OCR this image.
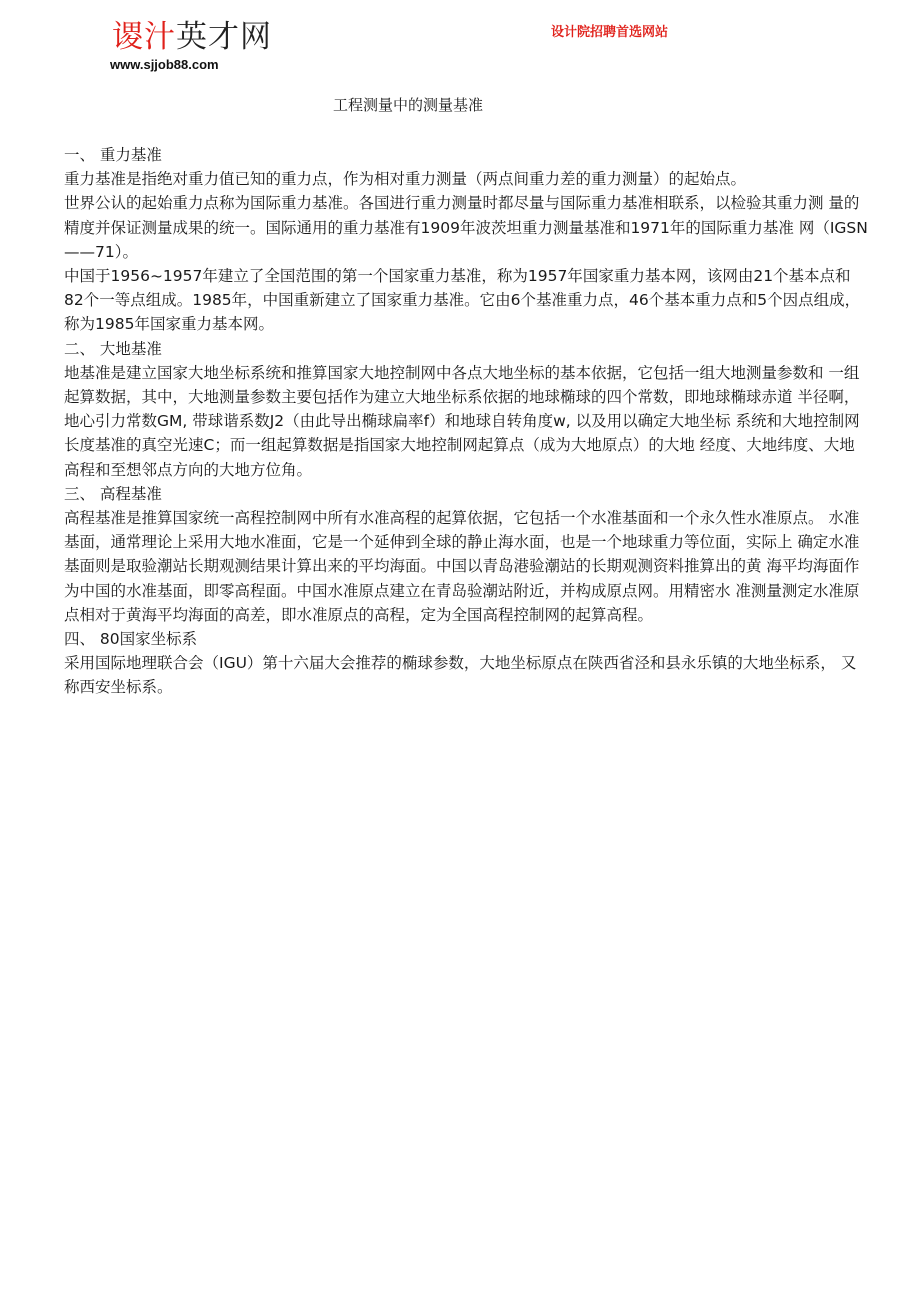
谡汁英才网
www.sjjob88.com
设计院招聘首选网站
工程测量中的测量基准

一、 重力基准

重力基准是指绝对重力值已知的重力点，作为相对重力测量（两点间重力差的重力测量）的起始点。

世界公认的起始重力点称为国际重力基准。各国进行重力测量时都尽量与国际重力基准相联系，以检验其重力测 量的精度并保证测量成果的统一。国际通用的重力基准有1909年波茨坦重力测量基准和1971年的国际重力基准 网（IGSN——71）。

中国于1956~1957年建立了全国范围的第一个国家重力基准，称为1957年国家重力基本网，该网由21个基本点和82个一等点组成。1985年，中国重新建立了国家重力基准。它由6个基准重力点，46个基本重力点和5个因点组成，称为1985年国家重力基本网。

二、 大地基准

地基准是建立国家大地坐标系统和推算国家大地控制网中各点大地坐标的基本依据，它包括一组大地测量参数和 一组起算数据，其中，大地测量参数主要包括作为建立大地坐标系依据的地球椭球的四个常数，即地球椭球赤道 半径啊，地心引力常数GM, 带球谐系数J2（由此导出椭球扁率f）和地球自转角度w, 以及用以确定大地坐标 系统和大地控制网长度基准的真空光速C；而一组起算数据是指国家大地控制网起算点（成为大地原点）的大地 经度、大地纬度、大地高程和至想邻点方向的大地方位角。

三、 高程基准

高程基准是推算国家统一高程控制网中所有水准高程的起算依据，它包括一个水准基面和一个永久性水准原点。 水准基面，通常理论上采用大地水准面，它是一个延伸到全球的静止海水面，也是一个地球重力等位面，实际上 确定水准基面则是取验潮站长期观测结果计算出来的平均海面。中国以青岛港验潮站的长期观测资料推算出的黄 海平均海面作为中国的水准基面，即零高程面。中国水准原点建立在青岛验潮站附近，并构成原点网。用精密水 准测量测定水准原点相对于黄海平均海面的高差，即水准原点的高程，定为全国高程控制网的起算高程。

四、 80国家坐标系

采用国际地理联合会（IGU）第十六届大会推荐的椭球参数，大地坐标原点在陕西省泾和县永乐镇的大地坐标系， 又称西安坐标系。
